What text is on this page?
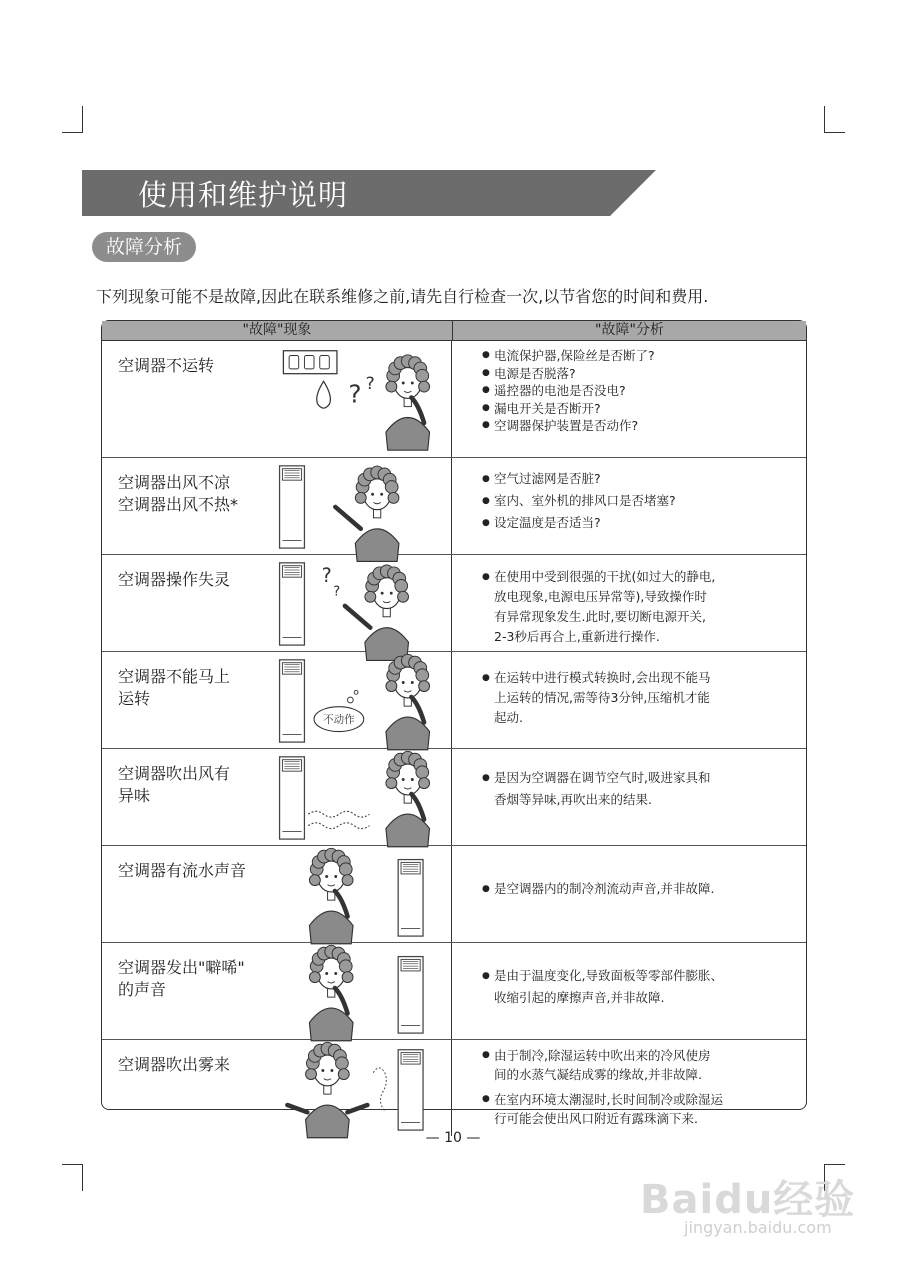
使用和维护说明
故障分析
下列现象可能不是故障,因此在联系维修之前,请先自行检查一次,以节省您的时间和费用.
"故障"现象	"故障"分析
空调器不运转
? ?
● 电流保护器,保险丝是否断了?
● 电源是否脱落?
● 遥控器的电池是否没电?
● 漏电开关是否断开?
● 空调器保护装置是否动作?
空调器出风不凉
空调器出风不热*
● 空气过滤网是否脏?
● 室内、室外机的排风口是否堵塞?
● 设定温度是否适当?
空调器操作失灵	?
?
● 在使用中受到很强的干扰(如过大的静电,
放电现象,电源电压异常等),导致操作时
有异常现象发生.此时,要切断电源开关,
2-3秒后再合上,重新进行操作.
空调器不能马上
运转
不动作
● 在运转中进行模式转换时,会出现不能马
上运转的情况,需等待3分钟,压缩机才能
起动.
空调器吹出风有
异味
● 是因为空调器在调节空气时,吸进家具和
香烟等异味,再吹出来的结果.
空调器有流水声音
● 是空调器内的制冷剂流动声音,并非故障.
空调器发出"噼唏"
的声音
● 是由于温度变化,导致面板等零部件膨胀、
收缩引起的摩擦声音,并非故障.
空调器吹出雾来
●	由于制冷,除湿运转中吹出来的冷风使房
间的水蒸气凝结成雾的缘故,并非故障.
● 在室内环境太潮湿时,长时间制冷或除湿运
行可能会使出风口附近有露珠滴下来.
— 10 —
Baidu经验
jingyan.baidu.com
